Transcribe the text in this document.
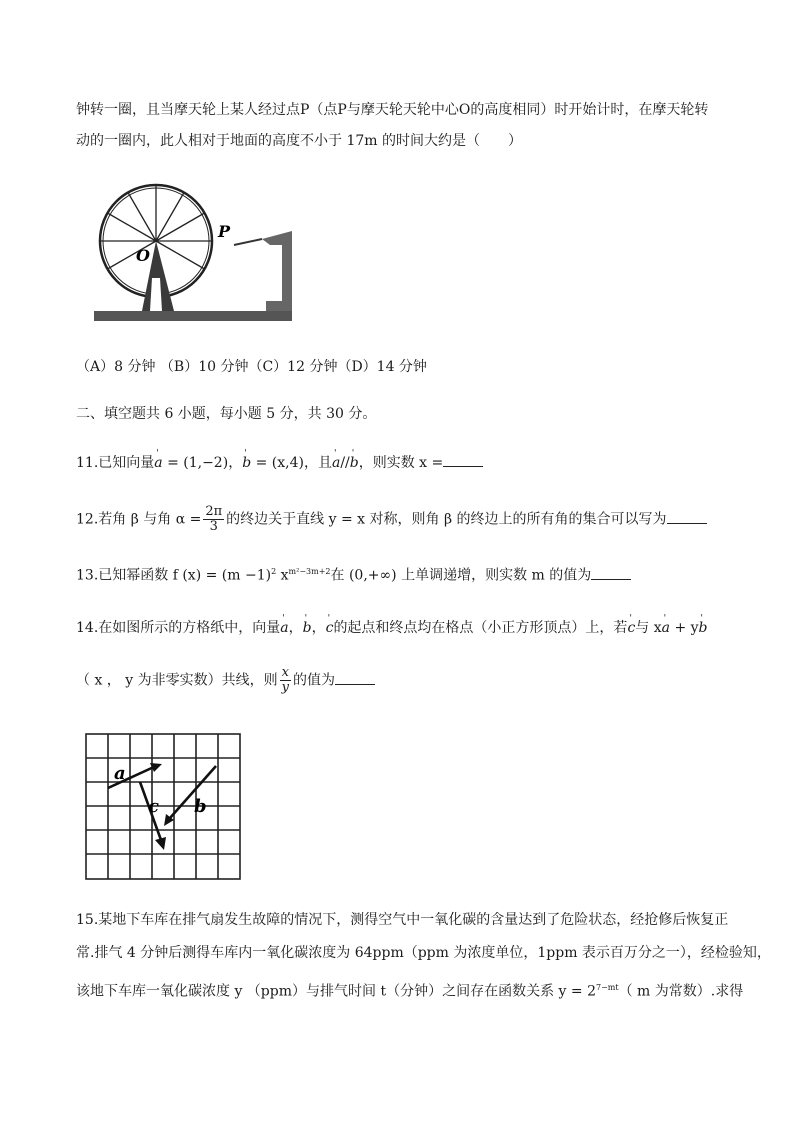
钟转一圈，且当摩天轮上某人经过点P（点P与摩天轮天轮中心O的高度相同）时开始计时，在摩天轮转
动的一圈内，此人相对于地面的高度不小于 17m 的时间大约是（　　）
O
P
（A）8 分钟 （B）10 分钟（C）12 分钟（D）14 分钟
二、填空题共 6 小题，每小题 5 分，共 30 分。
11.已知向量' a = (1,−2)，' b = (x,4)，且' a//' b，则实数 x =
12.若角 β 与角 $\alpha = \frac{2\pi}{3}$ 的终边关于直线 y = x 对称，则角 β 的终边上的所有角的集合可以写为
13.已知幂函数 f $(x) = (m -1)^2$ $x^{m^2-3m+2}$在 (0,+∞) 上单调递增，则实数 m 的值为
14.在如图所示的方格纸中，向量' a，' b，' c的起点和终点均在格点（小正方形顶点）上，若' c与 x' a + y' b
（ x ， y 为非零实数）共线，则 $\frac{x}{y}$ 的值为
a
c b
15.某地下车库在排气扇发生故障的情况下，测得空气中一氧化碳的含量达到了危险状态，经抢修后恢复正
常.排气 4 分钟后测得车库内一氧化碳浓度为 64ppm（ppm 为浓度单位，1ppm 表示百万分之一），经检验知，
该地下车库一氧化碳浓度 y （ppm）与排气时间 t（分钟）之间存在函数关系 $y = 2^{7-mt}$（ m 为常数）.求得
